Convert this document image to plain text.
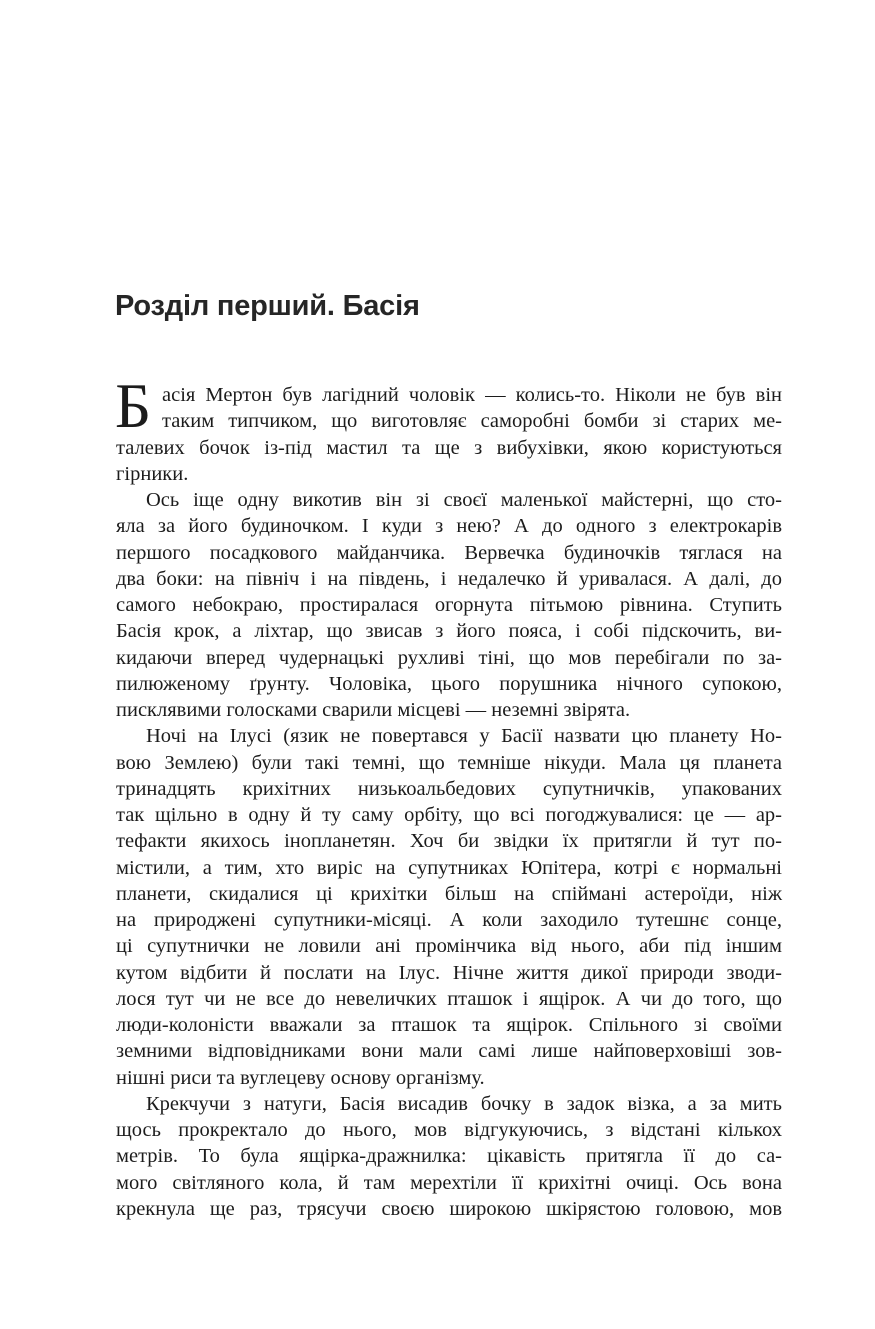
Розділ перший. Басія
Б асія Мертон був лагідний чоловік — колись-то. Ніколи не був він
таким типчиком, що виготовляє саморобні бомби зі старих ме-
талевих бочок із-під мастил та ще з вибухівки, якою користуються
гірники.
Ось іще одну викотив він зі своєї маленької майстерні, що сто-
яла за його будиночком. І куди з нею? А до одного з електрокарів
першого посадкового майданчика. Вервечка будиночків тяглася на
два боки: на північ і на південь, і недалечко й уривалася. А далі, до
самого небокраю, простиралася огорнута пітьмою рівнина. Ступить
Басія крок, а ліхтар, що звисав з його пояса, і собі підскочить, ви-
кидаючи вперед чудернацькі рухливі тіні, що мов перебігали по за-
пилюженому ґрунту. Чоловіка, цього порушника нічного супокою,
писклявими голосками сварили місцеві — неземні звірята.
Ночі на Ілусі (язик не повертався у Басії назвати цю планету Но-
вою Землею) були такі темні, що темніше нікуди. Мала ця планета
тринадцять крихітних низькоальбедових супутничків, упакованих
так щільно в одну й ту саму орбіту, що всі погоджувалися: це — ар-
тефакти якихось інопланетян. Хоч би звідки їх притягли й тут по-
містили, а тим, хто виріс на супутниках Юпітера, котрі є нормальні
планети, скидалися ці крихітки більш на спіймані астероїди, ніж
на природжені супутники-місяці. А коли заходило тутешнє сонце,
ці супутнички не ловили ані промінчика від нього, аби під іншим
кутом відбити й послати на Ілус. Нічне життя дикої природи зводи-
лося тут чи не все до невеличких пташок і ящірок. А чи до того, що
люди-колоністи вважали за пташок та ящірок. Спільного зі своїми
земними відповідниками вони мали самі лише найповерховіші зов-
нішні риси та вуглецеву основу організму.
Крекчучи з натуги, Басія висадив бочку в задок візка, а за мить
щось прокректало до нього, мов відгукуючись, з відстані кількох
метрів. То була ящірка-дражнилка: цікавість притягла її до са-
мого світляного кола, й там мерехтіли її крихітні очиці. Ось вона
крекнула ще раз, трясучи своєю широкою шкірястою головою, мов
